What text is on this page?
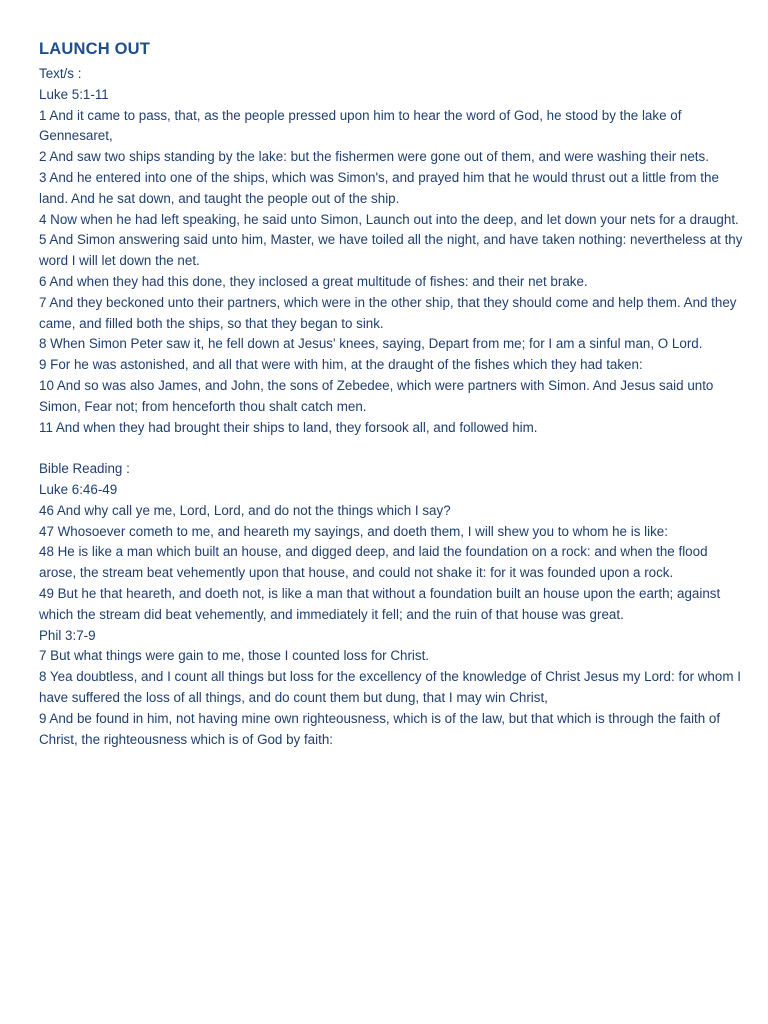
LAUNCH OUT

Text/s :

Luke 5:1-11

1 And it came to pass, that, as the people pressed upon him to hear the word of God, he stood by the lake of Gennesaret,

2 And saw two ships standing by the lake: but the fishermen were gone out of them, and were washing their nets.

3 And he entered into one of the ships, which was Simon's, and prayed him that he would thrust out a little from the land. And he sat down, and taught the people out of the ship.

4 Now when he had left speaking, he said unto Simon, Launch out into the deep, and let down your nets for a draught.

5 And Simon answering said unto him, Master, we have toiled all the night, and have taken nothing: nevertheless at thy word I will let down the net.

6 And when they had this done, they inclosed a great multitude of fishes: and their net brake.

7 And they beckoned unto their partners, which were in the other ship, that they should come and help them. And they came, and filled both the ships, so that they began to sink.

8 When Simon Peter saw it, he fell down at Jesus' knees, saying, Depart from me; for I am a sinful man, O Lord.

9 For he was astonished, and all that were with him, at the draught of the fishes which they had taken:

10 And so was also James, and John, the sons of Zebedee, which were partners with Simon. And Jesus said unto Simon, Fear not; from henceforth thou shalt catch men.

11 And when they had brought their ships to land, they forsook all, and followed him.

Bible Reading :

Luke 6:46-49

46 And why call ye me, Lord, Lord, and do not the things which I say?

47 Whosoever cometh to me, and heareth my sayings, and doeth them, I will shew you to whom he is like:

48 He is like a man which built an house, and digged deep, and laid the foundation on a rock: and when the flood arose, the stream beat vehemently upon that house, and could not shake it: for it was founded upon a rock.

49 But he that heareth, and doeth not, is like a man that without a foundation built an house upon the earth; against which the stream did beat vehemently, and immediately it fell; and the ruin of that house was great.

Phil 3:7-9

7 But what things were gain to me, those I counted loss for Christ.

8 Yea doubtless, and I count all things but loss for the excellency of the knowledge of Christ Jesus my Lord: for whom I have suffered the loss of all things, and do count them but dung, that I may win Christ,

9 And be found in him, not having mine own righteousness, which is of the law, but that which is through the faith of Christ, the righteousness which is of God by faith:
